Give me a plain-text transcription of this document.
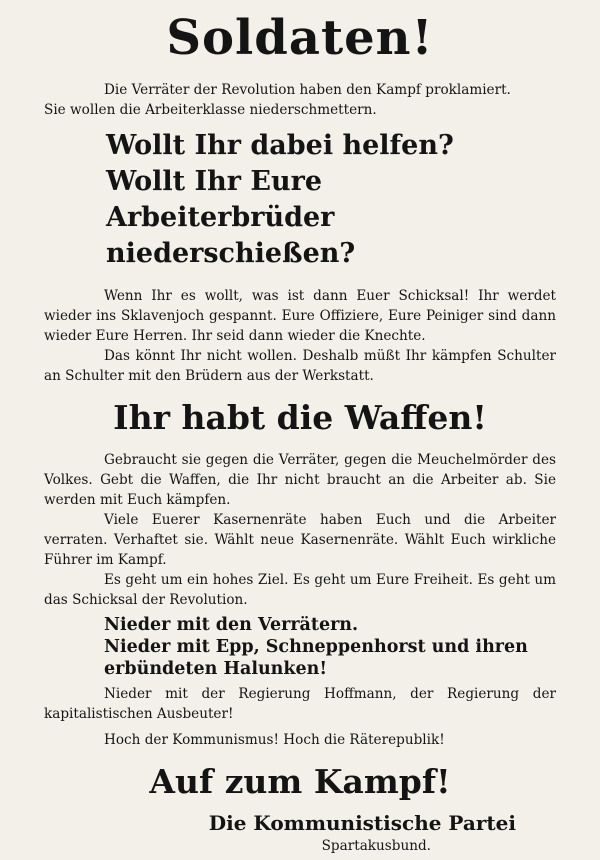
Soldaten!

Die Verräter der Revolution haben den Kampf proklamiert.
Sie wollen die Arbeiterklasse niederschmettern.

Wollt Ihr dabei helfen?

Wollt Ihr Eure Arbeiterbrüder niederschießen?

Wenn Ihr es wollt, was ist dann Euer Schicksal! Ihr werdet wieder ins Sklavenjoch gespannt. Eure Offiziere, Eure Peiniger sind dann wieder Eure Herren. Ihr seid dann wieder die Knechte.

Das könnt Ihr nicht wollen. Deshalb müßt Ihr kämpfen Schulter an Schulter mit den Brüdern aus der Werkstatt.

Ihr habt die Waffen!

Gebraucht sie gegen die Verräter, gegen die Meuchelmörder des Volkes. Gebt die Waffen, die Ihr nicht braucht an die Arbeiter ab. Sie werden mit Euch kämpfen.

Viele Euerer Kasernenräte haben Euch und die Arbeiter verraten. Verhaftet sie. Wählt neue Kasernenräte. Wählt Euch wirkliche Führer im Kampf.

Es geht um ein hohes Ziel. Es geht um Eure Freiheit. Es geht um das Schicksal der Revolution.

Nieder mit den Verrätern.

Nieder mit Epp, Schneppenhorst und ihren erbündeten Halunken!

Nieder mit der Regierung Hoffmann, der Regierung der kapitalistischen Ausbeuter!

Hoch der Kommunismus! Hoch die Räterepublik!

Auf zum Kampf!

Die Kommunistische Partei

Spartakusbund.
